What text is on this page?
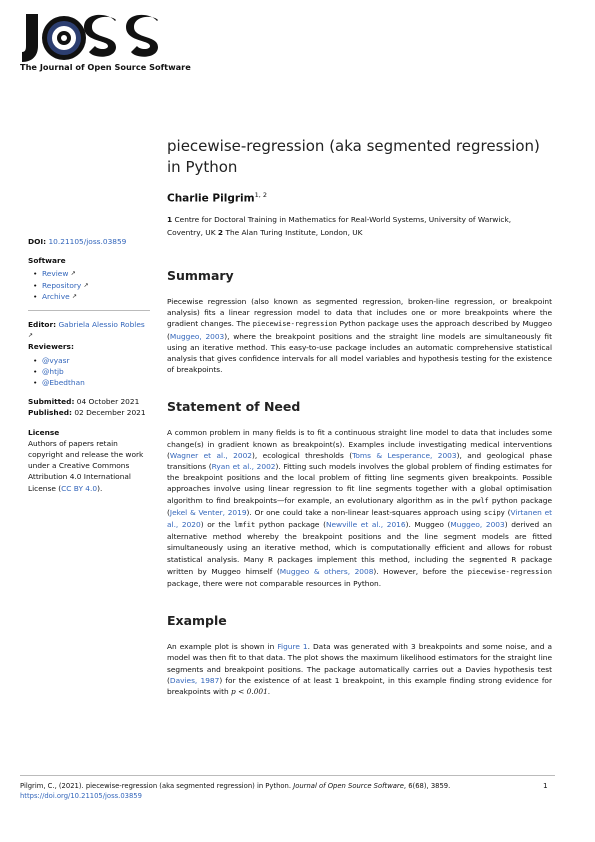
The Journal of Open Source Software
piecewise-regression (aka segmented regression) in Python
Charlie Pilgrim$^{1, 2}$
1 Centre for Doctoral Training in Mathematics for Real-World Systems, University of Warwick, Coventry, UK 2 The Alan Turing Institute, London, UK
DOI: 10.21105/joss.03859
Software
• Review ↗
• Repository ↗
• Archive ↗
Editor: Gabriela Alessio Robles ↗
Reviewers:
• @vyasr
• @htjb
• @Ebedthan
Submitted: 04 October 2021
Published: 02 December 2021
License
Authors of papers retain copyright and release the work under a Creative Commons Attribution 4.0 International License (CC BY 4.0).
Summary

Piecewise regression (also known as segmented regression, broken-line regression, or breakpoint analysis) fits a linear regression model to data that includes one or more breakpoints where the gradient changes. The piecewise-regression Python package uses the approach described by Muggeo (Muggeo, 2003), where the breakpoint positions and the straight line models are simultaneously fit using an iterative method. This easy-to-use package includes an automatic comprehensive statistical analysis that gives confidence intervals for all model variables and hypothesis testing for the existence of breakpoints.

Statement of Need

A common problem in many fields is to fit a continuous straight line model to data that includes some change(s) in gradient known as breakpoint(s). Examples include investigating medical interventions (Wagner et al., 2002), ecological thresholds (Toms & Lesperance, 2003), and geological phase transitions (Ryan et al., 2002). Fitting such models involves the global problem of finding estimates for the breakpoint positions and the local problem of fitting line segments given breakpoints. Possible approaches involve using linear regression to fit line segments together with a global optimisation algorithm to find breakpoints—for example, an evolutionary algorithm as in the pwlf python package (Jekel & Venter, 2019). Or one could take a non-linear least-squares approach using scipy (Virtanen et al., 2020) or the lmfit python package (Newville et al., 2016). Muggeo (Muggeo, 2003) derived an alternative method whereby the breakpoint positions and the line segment models are fitted simultaneously using an iterative method, which is computationally efficient and allows for robust statistical analysis. Many R packages implement this method, including the segmented R package written by Muggeo himself (Muggeo & others, 2008). However, before the piecewise-regression package, there were not comparable resources in Python.

Example

An example plot is shown in Figure 1. Data was generated with 3 breakpoints and some noise, and a model was then fit to that data. The plot shows the maximum likelihood estimators for the straight line segments and breakpoint positions. The package automatically carries out a Davies hypothesis test (Davies, 1987) for the existence of at least 1 breakpoint, in this example finding strong evidence for breakpoints with p < 0.001.

Pilgrim, C., (2021). piecewise-regression (aka segmented regression) in Python. Journal of Open Source Software, 6(68), 3859. https://doi.org/10.21105/joss.03859
1
